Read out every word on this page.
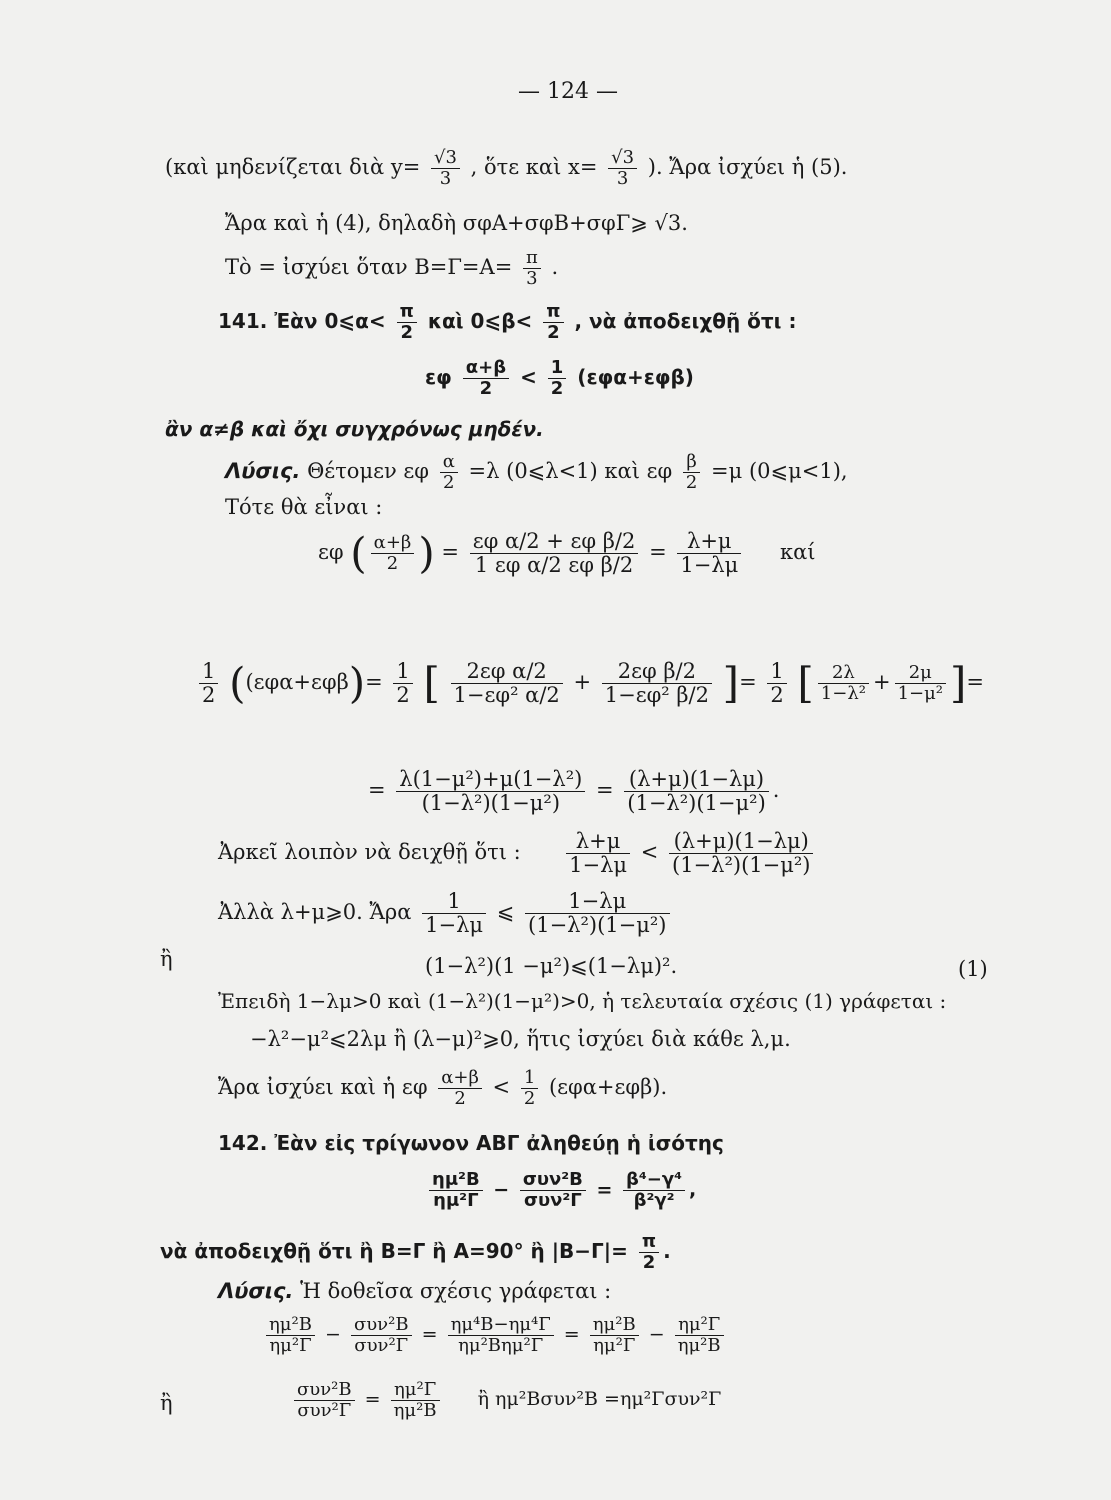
— 124 —
(καὶ μηδενίζεται διὰ $y= \frac{√3}{3}$ , ὅτε καὶ $x= \frac{√3}{3}$ ). Ἄρα ἰσχύει ἡ (5).
Ἄρα καὶ ἡ (4), δηλαδὴ σφΑ+σφΒ+σφΓ⩾ √3.
Τὸ = ἰσχύει ὅταν $B=\Gamma=A= \frac{\pi}{3}$ .
141. Ἐὰν 0⩽α< $\frac{\pi}{2}$ καὶ 0⩽β< $\frac{\pi}{2}$ , νὰ ἀποδειχθῇ ὅτι :
εφ $\frac{\alpha+\beta}{2} < \frac{1}{2} (\varepsilon\varphi\alpha+\varepsilon\varphi\beta)$
ἂν α≠β καὶ ὄχι συγχρόνως μηδέν.
Λύσις. Θέτομεν εφ $\frac{\alpha}{2} =\lambda$ (0⩽λ<1) καὶ εφ $\frac{\beta}{2} =\mu$ (0⩽μ<1),
Τότε θὰ εἶναι :
εφ ( $\frac{\alpha+\beta}{2}$ ) = $\frac{\text{εφ α/2 + εφ β/2}}{\text{1 εφ α/2 εφ β/2}} = \frac{\lambda+\mu}{1-\lambda\mu}$ καί
$\frac{1}{2} ((\varepsilon\varphi\alpha+\varepsilon\varphi\beta)= \frac{1}{2}$ [ $\frac{\text{2εφ α/2}}{\text{1−εφ² α/2}} + \frac{\text{2εφ β/2}}{\text{1−εφ² β/2}}$ ]= $\frac{1}{2}$ [ $\frac{2\lambda}{\text{1−λ²}} + \frac{2\mu}{\text{1−μ²}}$ ]=
= $\frac{\text{λ(1−μ²)+μ(1−λ²)}}{\text{(1−λ²)(1−μ²)}} = \frac{(\lambda+\mu)(1-\lambda\mu)}{\text{(1−λ²)(1−μ²)}}$ .
Ἀρκεῖ λοιπὸν νὰ δειχθῇ ὅτι : $\frac{\lambda+\mu}{1-\lambda\mu} < \frac{(\lambda+\mu)(1-\lambda\mu)}{\text{(1−λ²)(1−μ²)}}$
Ἀλλὰ λ+μ⩾0. Ἄρα $\frac{1}{1-\lambda\mu}$ ⩽ $\frac{1-\lambda\mu}{\text{(1−λ²)(1−μ²)}}$
ἢ	(1−λ²)(1 −μ²)⩽(1−λμ)².	(1)
Ἐπειδὴ 1−λμ>0 καὶ (1−λ²)(1−μ²)>0, ἡ τελευταία σχέσις (1) γράφεται :
−λ²−μ²⩽2λμ ἢ (λ−μ)²⩾0, ἥτις ἰσχύει διὰ κάθε λ,μ.
Ἄρα ἰσχύει καὶ ἡ εφ $\frac{\alpha+\beta}{2} < \frac{1}{2} (\varepsilon\varphi\alpha+\varepsilon\varphi\beta)$.
142. Ἐὰν εἰς τρίγωνον ΑΒΓ ἀληθεύῃ ἡ ἰσότης
$\frac{\text{ημ²Β}}{\text{ημ²Γ}} - \frac{\text{συν²Β}}{\text{συν²Γ}} = \frac{\text{β⁴−γ⁴}}{\text{β²γ²}}$ ,
νὰ ἀποδειχθῇ ὅτι ἢ Β=Γ ἢ Α=90° ἢ $|B-\Gamma|= \frac{\pi}{2}$ .
Λύσις. Ἡ δοθεῖσα σχέσις γράφεται :
$\frac{\text{ημ²Β}}{\text{ημ²Γ}} - \frac{\text{συν²Β}}{\text{συν²Γ}} = \frac{\text{ημ⁴Β−ημ⁴Γ}}{\text{ημ²Βημ²Γ}} = \frac{\text{ημ²Β}}{\text{ημ²Γ}} - \frac{\text{ημ²Γ}}{\text{ημ²Β}}$
ἢ	$\frac{\text{συν²Β}}{\text{συν²Γ}} = \frac{\text{ημ²Γ}}{\text{ημ²Β}}$ ἢ ημ²Βσυν²Β =ημ²Γσυν²Γ
